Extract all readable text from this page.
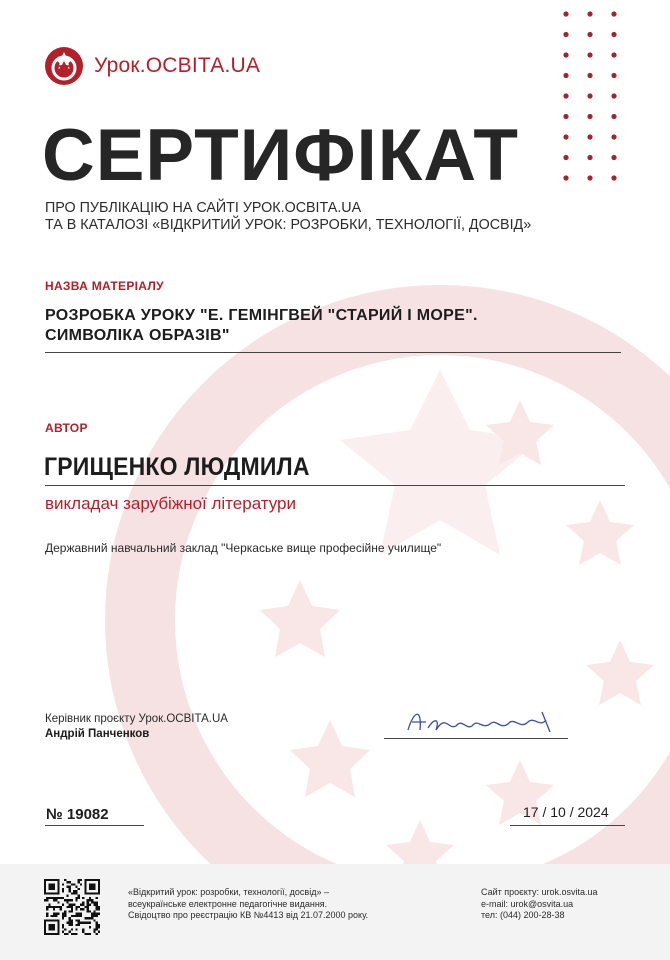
Урок.ОСВІТА.UA
СЕРТИФІКАТ
ПРО ПУБЛІКАЦІЮ НА САЙТІ УРОК.ОСВІТА.UA
ТА В КАТАЛОЗІ «ВІДКРИТИЙ УРОК: РОЗРОБКИ, ТЕХНОЛОГІЇ, ДОСВІД»
НАЗВА МАТЕРІАЛУ
РОЗРОБКА УРОКУ "Е. ГЕМІНГВЕЙ "СТАРИЙ І МОРЕ".
СИМВОЛІКА ОБРАЗІВ"
АВТОР
ГРИЩЕНКО ЛЮДМИЛА
викладач зарубіжної літератури
Державний навчальний заклад "Черкаське вище професійне училище"
Керівник проєкту Урок.ОСВІТА.UA
Андрій Панченков
№ 19082	17 / 10 / 2024
«Відкритий урок: розробки, технології, досвід» –
всеукраїнське електронне педагогічне видання.
Свідоцтво про реєстрацію КВ №4413 від 21.07.2000 року.
Сайт проєкту: urok.osvita.ua
e-mail: urok@osvita.ua
тел: (044) 200-28-38
